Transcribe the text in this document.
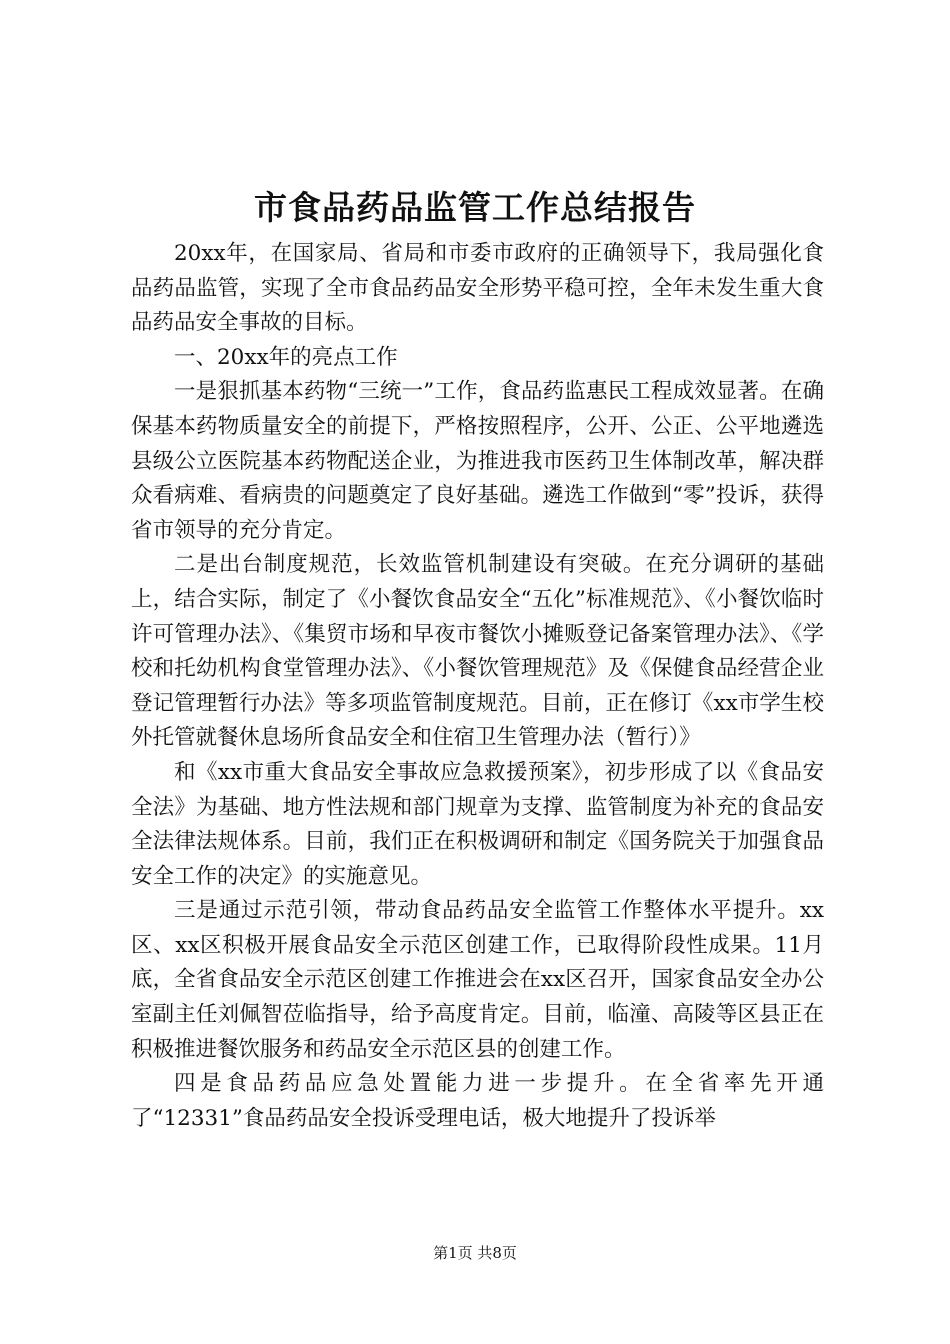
市食品药品监管工作总结报告

20xx年，在国家局、省局和市委市政府的正确领导下，我局强化食品药品监管，实现了全市食品药品安全形势平稳可控，全年未发生重大食品药品安全事故的目标。

一、20xx年的亮点工作

一是狠抓基本药物“三统一”工作，食品药监惠民工程成效显著。在确保基本药物质量安全的前提下，严格按照程序，公开、公正、公平地遴选县级公立医院基本药物配送企业，为推进我市医药卫生体制改革，解决群众看病难、看病贵的问题奠定了良好基础。遴选工作做到“零”投诉，获得省市领导的充分肯定。

二是出台制度规范，长效监管机制建设有突破。在充分调研的基础上，结合实际，制定了《小餐饮食品安全“五化”标准规范》、《小餐饮临时许可管理办法》、《集贸市场和早夜市餐饮小摊贩登记备案管理办法》、《学校和托幼机构食堂管理办法》、《小餐饮管理规范》及《保健食品经营企业登记管理暂行办法》等多项监管制度规范。目前，正在修订《xx市学生校外托管就餐休息场所食品安全和住宿卫生管理办法（暂行）》

和《xx市重大食品安全事故应急救援预案》，初步形成了以《食品安全法》为基础、地方性法规和部门规章为支撑、监管制度为补充的食品安全法律法规体系。目前，我们正在积极调研和制定《国务院关于加强食品安全工作的决定》的实施意见。

三是通过示范引领，带动食品药品安全监管工作整体水平提升。xx区、xx区积极开展食品安全示范区创建工作，已取得阶段性成果。11月底，全省食品安全示范区创建工作推进会在xx区召开，国家食品安全办公室副主任刘佩智莅临指导，给予高度肯定。目前，临潼、高陵等区县正在积极推进餐饮服务和药品安全示范区县的创建工作。

四是食品药品应急处置能力进一步提升。在全省率先开通了“12331”食品药品安全投诉受理电话，极大地提升了投诉举

第1页 共8页
